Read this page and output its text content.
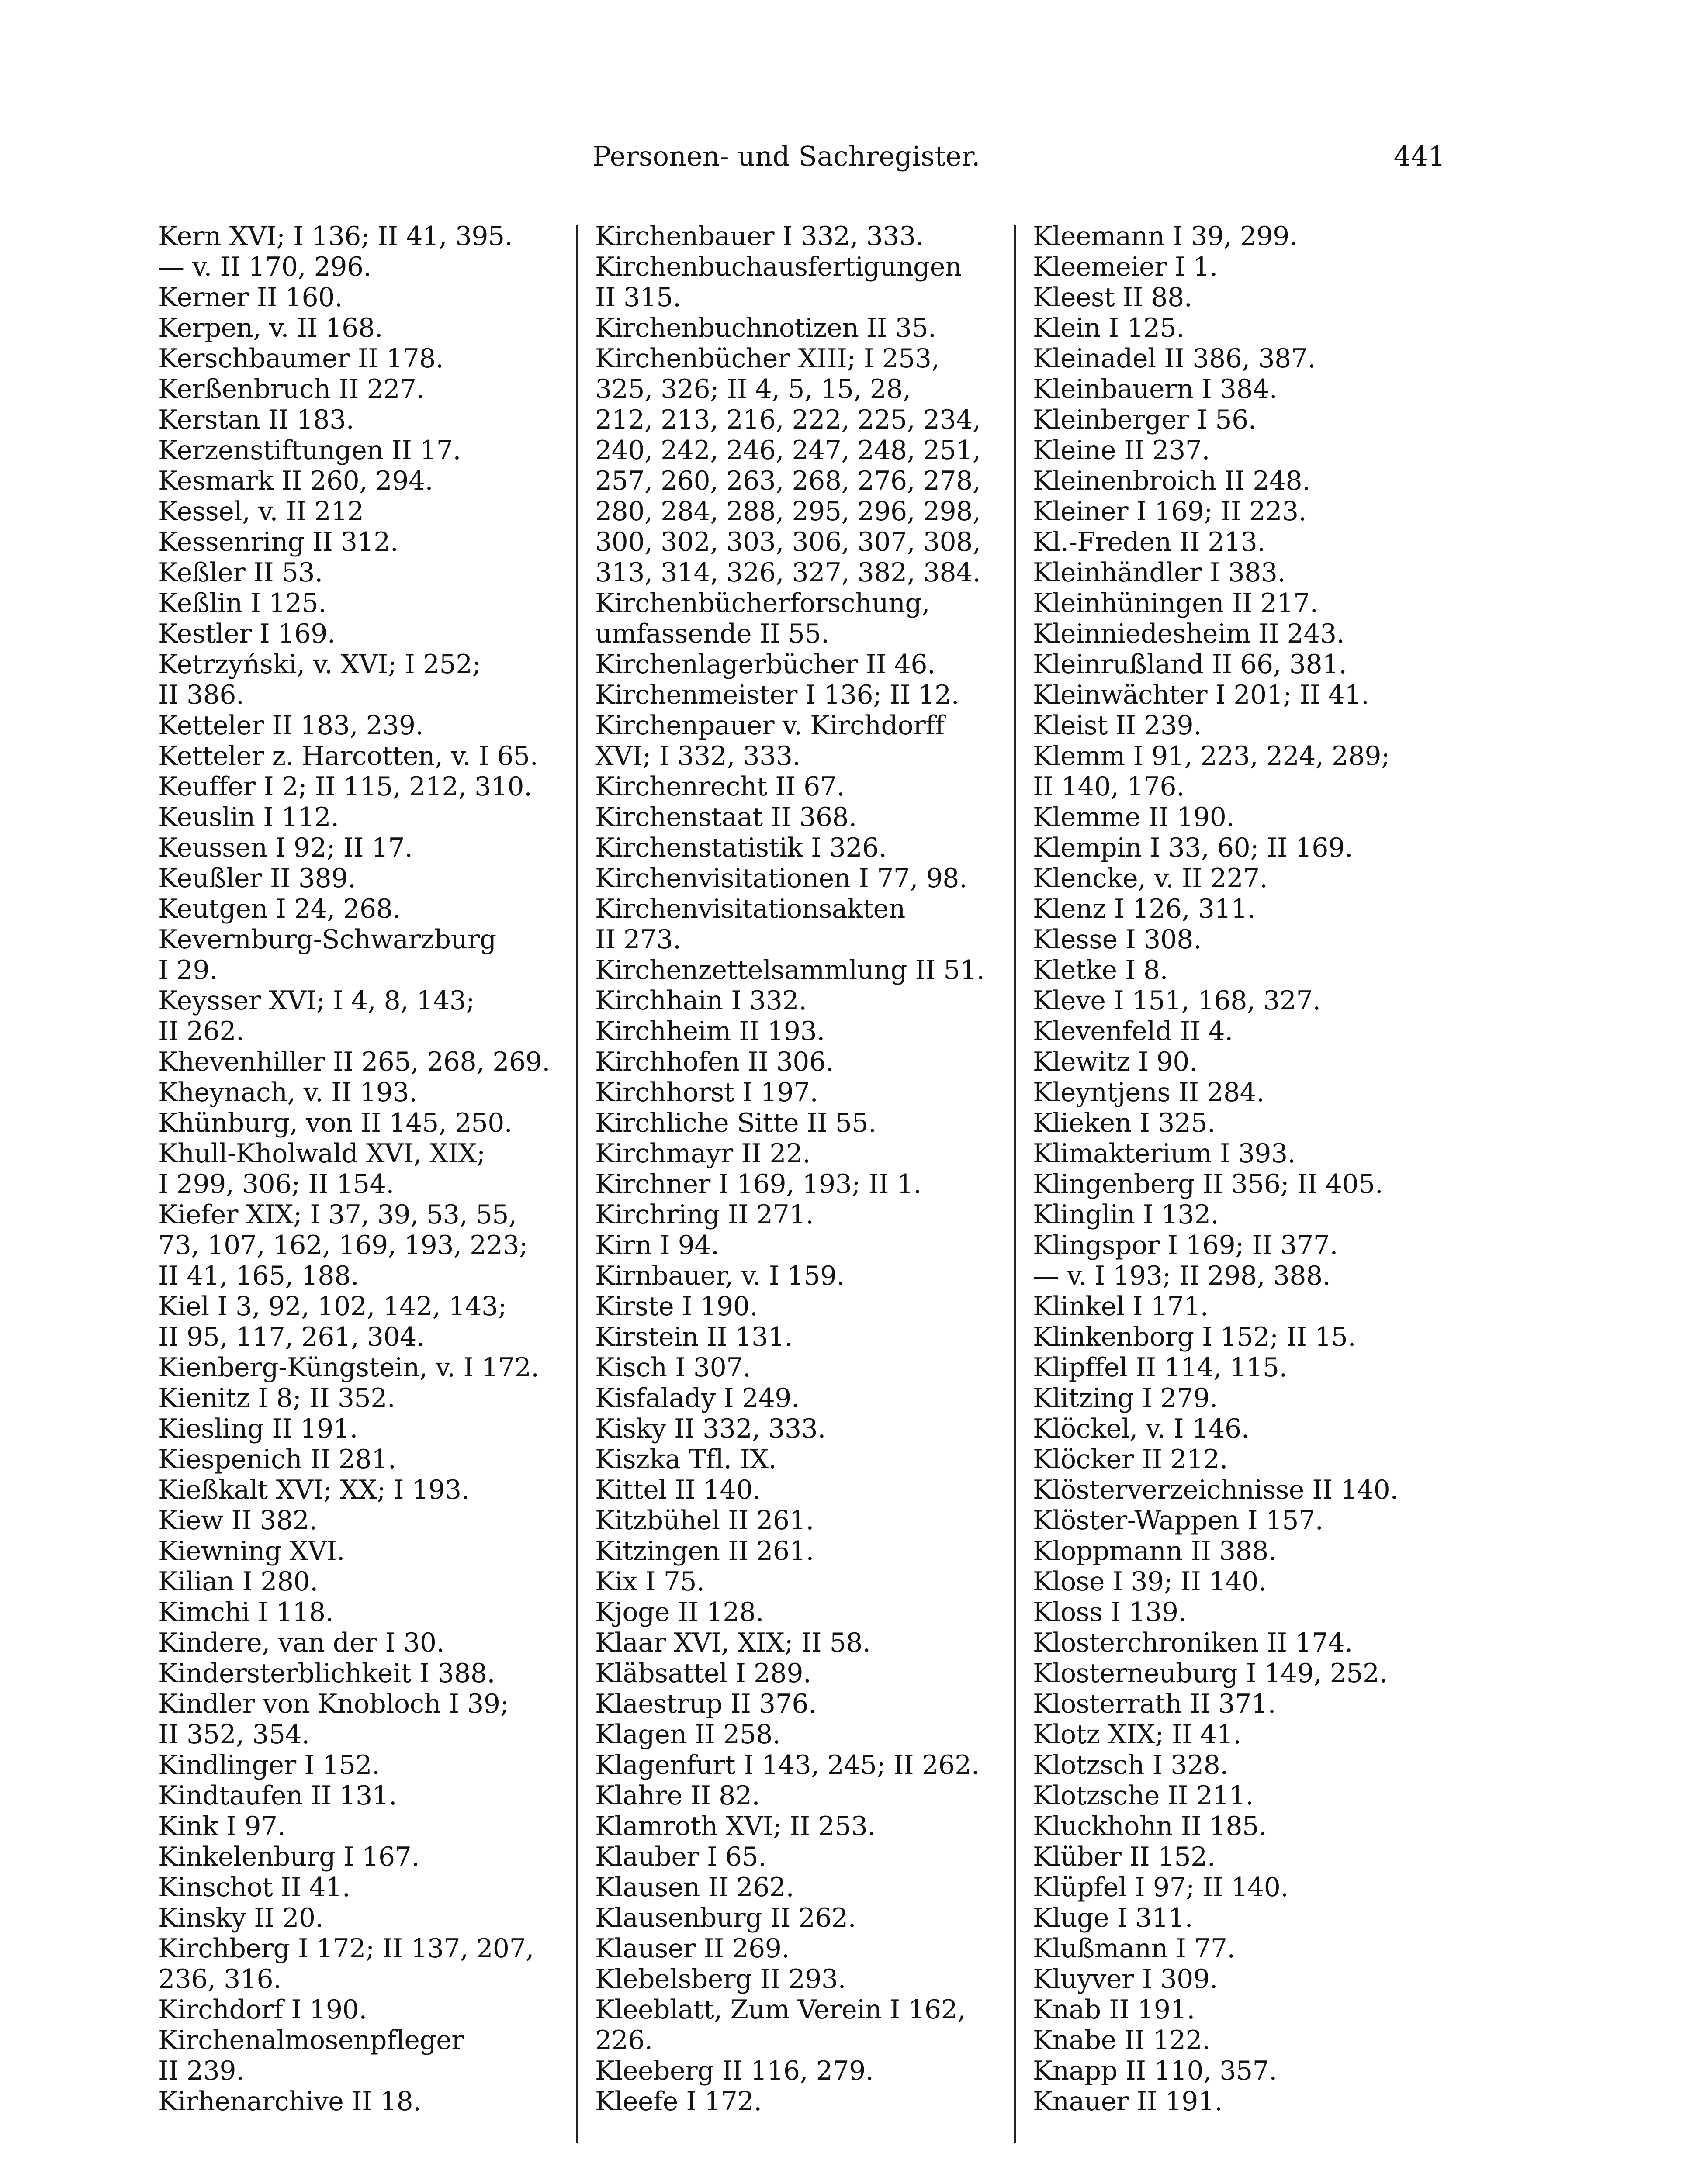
Personen- und Sachregister.	441
Kern XVI; I 136; II 41, 395.
— v. II 170, 296.
Kerner II 160.
Kerpen, v. II 168.
Kerschbaumer II 178.
Kerßenbruch II 227.
Kerstan II 183.
Kerzenstiftungen II 17.
Kesmark II 260, 294.
Kessel, v. II 212
Kessenring II 312.
Keßler II 53.
Keßlin I 125.
Kestler I 169.
Ketrzyński, v. XVI; I 252;
II 386.
Ketteler II 183, 239.
Ketteler z. Harcotten, v. I 65.
Keuffer I 2; II 115, 212, 310.
Keuslin I 112.
Keussen I 92; II 17.
Keußler II 389.
Keutgen I 24, 268.
Kevernburg-Schwarzburg
I 29.
Keysser XVI; I 4, 8, 143;
II 262.
Khevenhiller II 265, 268, 269.
Kheynach, v. II 193.
Khünburg, von II 145, 250.
Khull-Kholwald XVI, XIX;
I 299, 306; II 154.
Kiefer XIX; I 37, 39, 53, 55,
73, 107, 162, 169, 193, 223;
II 41, 165, 188.
Kiel I 3, 92, 102, 142, 143;
II 95, 117, 261, 304.
Kienberg-Küngstein, v. I 172.
Kienitz I 8; II 352.
Kiesling II 191.
Kiespenich II 281.
Kießkalt XVI; XX; I 193.
Kiew II 382.
Kiewning XVI.
Kilian I 280.
Kimchi I 118.
Kindere, van der I 30.
Kindersterblichkeit I 388.
Kindler von Knobloch I 39;
II 352, 354.
Kindlinger I 152.
Kindtaufen II 131.
Kink I 97.
Kinkelenburg I 167.
Kinschot II 41.
Kinsky II 20.
Kirchberg I 172; II 137, 207,
236, 316.
Kirchdorf I 190.
Kirchenalmosenpfleger
II 239.
Kirhenarchive II 18.
Kirchenbauer I 332, 333.
Kirchenbuchausfertigungen
II 315.
Kirchenbuchnotizen II 35.
Kirchenbücher XIII; I 253,
325, 326; II 4, 5, 15, 28,
212, 213, 216, 222, 225, 234,
240, 242, 246, 247, 248, 251,
257, 260, 263, 268, 276, 278,
280, 284, 288, 295, 296, 298,
300, 302, 303, 306, 307, 308,
313, 314, 326, 327, 382, 384.
Kirchenbücherforschung,
umfassende II 55.
Kirchenlagerbücher II 46.
Kirchenmeister I 136; II 12.
Kirchenpauer v. Kirchdorff
XVI; I 332, 333.
Kirchenrecht II 67.
Kirchenstaat II 368.
Kirchenstatistik I 326.
Kirchenvisitationen I 77, 98.
Kirchenvisitationsakten
II 273.
Kirchenzettelsammlung II 51.
Kirchhain I 332.
Kirchheim II 193.
Kirchhofen II 306.
Kirchhorst I 197.
Kirchliche Sitte II 55.
Kirchmayr II 22.
Kirchner I 169, 193; II 1.
Kirchring II 271.
Kirn I 94.
Kirnbauer, v. I 159.
Kirste I 190.
Kirstein II 131.
Kisch I 307.
Kisfalady I 249.
Kisky II 332, 333.
Kiszka Tfl. IX.
Kittel II 140.
Kitzbühel II 261.
Kitzingen II 261.
Kix I 75.
Kjoge II 128.
Klaar XVI, XIX; II 58.
Kläbsattel I 289.
Klaestrup II 376.
Klagen II 258.
Klagenfurt I 143, 245; II 262.
Klahre II 82.
Klamroth XVI; II 253.
Klauber I 65.
Klausen II 262.
Klausenburg II 262.
Klauser II 269.
Klebelsberg II 293.
Kleeblatt, Zum Verein I 162,
226.
Kleeberg II 116, 279.
Kleefe I 172.
Kleemann I 39, 299.
Kleemeier I 1.
Kleest II 88.
Klein I 125.
Kleinadel II 386, 387.
Kleinbauern I 384.
Kleinberger I 56.
Kleine II 237.
Kleinenbroich II 248.
Kleiner I 169; II 223.
Kl.-Freden II 213.
Kleinhändler I 383.
Kleinhüningen II 217.
Kleinniedesheim II 243.
Kleinrußland II 66, 381.
Kleinwächter I 201; II 41.
Kleist II 239.
Klemm I 91, 223, 224, 289;
II 140, 176.
Klemme II 190.
Klempin I 33, 60; II 169.
Klencke, v. II 227.
Klenz I 126, 311.
Klesse I 308.
Kletke I 8.
Kleve I 151, 168, 327.
Klevenfeld II 4.
Klewitz I 90.
Kleyntjens II 284.
Klieken I 325.
Klimakterium I 393.
Klingenberg II 356; II 405.
Klinglin I 132.
Klingspor I 169; II 377.
— v. I 193; II 298, 388.
Klinkel I 171.
Klinkenborg I 152; II 15.
Klipffel II 114, 115.
Klitzing I 279.
Klöckel, v. I 146.
Klöcker II 212.
Klösterverzeichnisse II 140.
Klöster-Wappen I 157.
Kloppmann II 388.
Klose I 39; II 140.
Kloss I 139.
Klosterchroniken II 174.
Klosterneuburg I 149, 252.
Klosterrath II 371.
Klotz XIX; II 41.
Klotzsch I 328.
Klotzsche II 211.
Kluckhohn II 185.
Klüber II 152.
Klüpfel I 97; II 140.
Kluge I 311.
Klußmann I 77.
Kluyver I 309.
Knab II 191.
Knabe II 122.
Knapp II 110, 357.
Knauer II 191.
